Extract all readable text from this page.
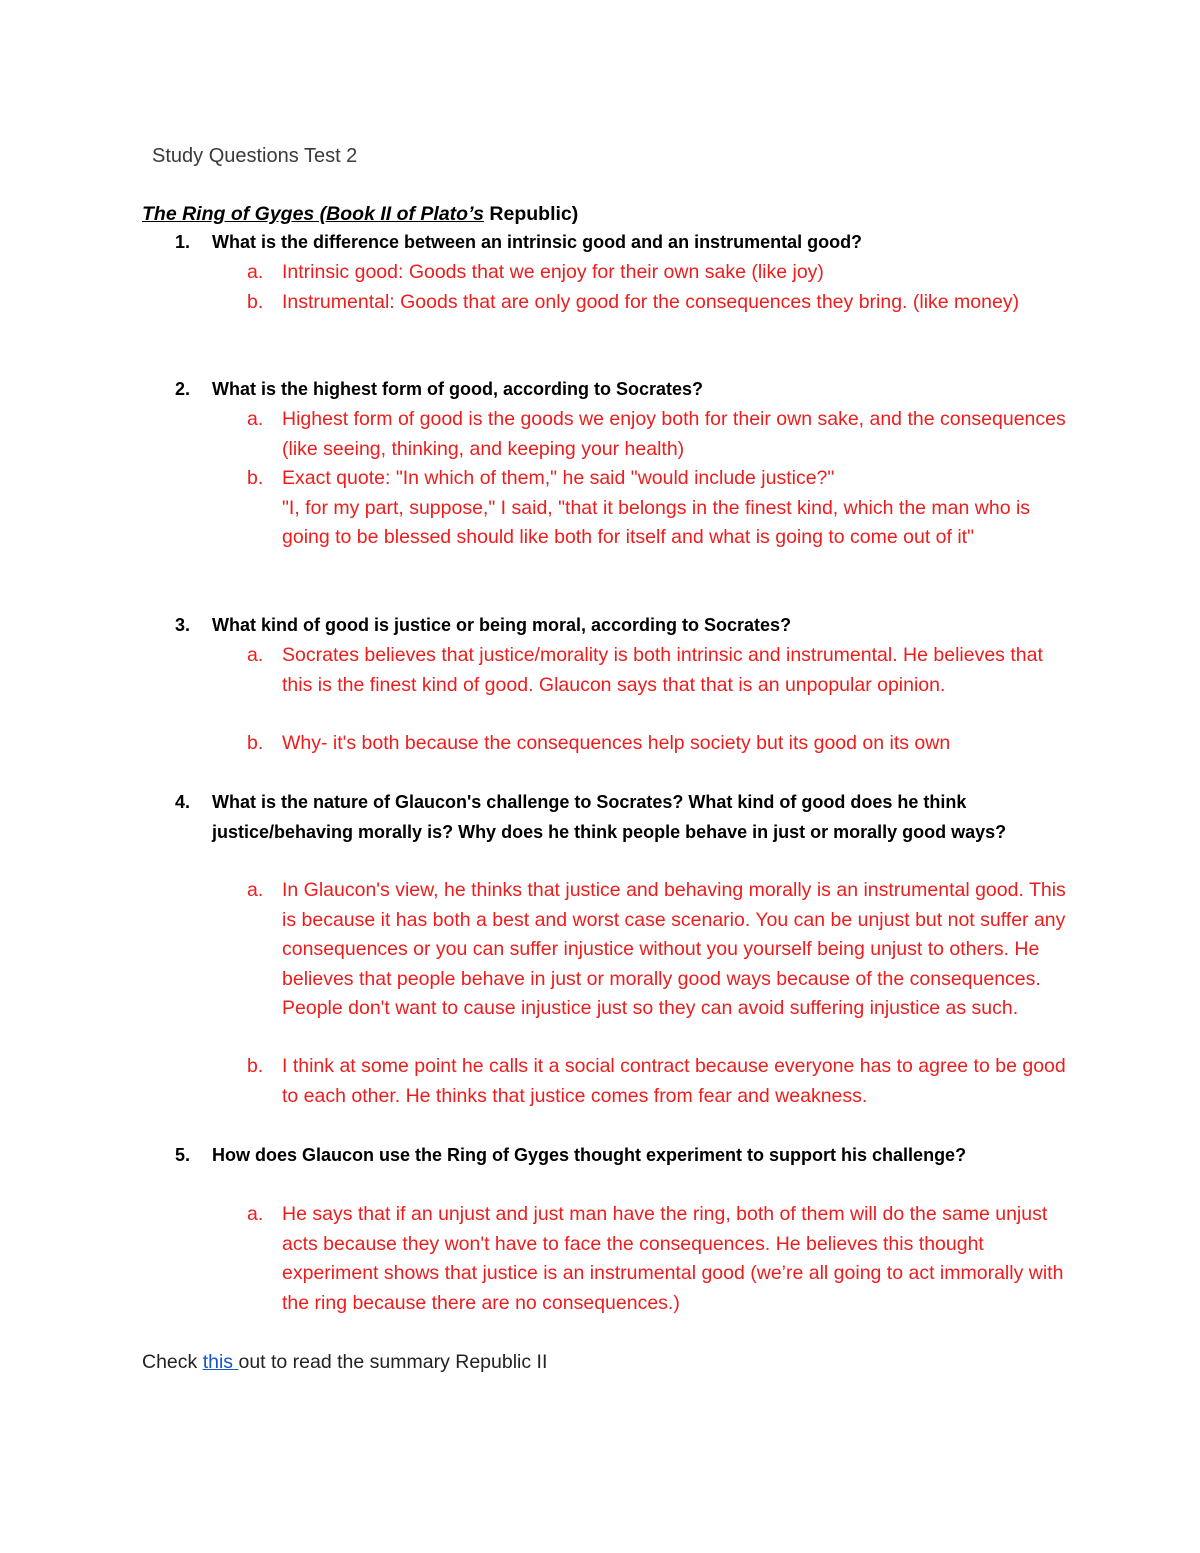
Study Questions Test 2
The Ring of Gyges (Book II of Plato’s Republic)
1. What is the difference between an intrinsic good and an instrumental good?
a. Intrinsic good: Goods that we enjoy for their own sake (like joy)
b. Instrumental: Goods that are only good for the consequences they bring. (like money)
2. What is the highest form of good, according to Socrates?
a. Highest form of good is the goods we enjoy both for their own sake, and the consequences (like seeing, thinking, and keeping your health)
b. Exact quote: "In which of them," he said "would include justice?"
"I, for my part, suppose," I said, "that it belongs in the finest kind, which the man who is going to be blessed should like both for itself and what is going to come out of it"
3. What kind of good is justice or being moral, according to Socrates?
a. Socrates believes that justice/morality is both intrinsic and instrumental. He believes that this is the finest kind of good. Glaucon says that that is an unpopular opinion.
b. Why- it's both because the consequences help society but its good on its own
4. What is the nature of Glaucon's challenge to Socrates? What kind of good does he think justice/behaving morally is? Why does he think people behave in just or morally good ways?
a. In Glaucon's view, he thinks that justice and behaving morally is an instrumental good. This is because it has both a best and worst case scenario. You can be unjust but not suffer any consequences or you can suffer injustice without you yourself being unjust to others. He believes that people behave in just or morally good ways because of the consequences. People don't want to cause injustice just so they can avoid suffering injustice as such.
b. I think at some point he calls it a social contract because everyone has to agree to be good to each other. He thinks that justice comes from fear and weakness.
5. How does Glaucon use the Ring of Gyges thought experiment to support his challenge?
a. He says that if an unjust and just man have the ring, both of them will do the same unjust acts because they won't have to face the consequences. He believes this thought experiment shows that justice is an instrumental good (we’re all going to act immorally with the ring because there are no consequences.)
Check this out to read the summary Republic II
